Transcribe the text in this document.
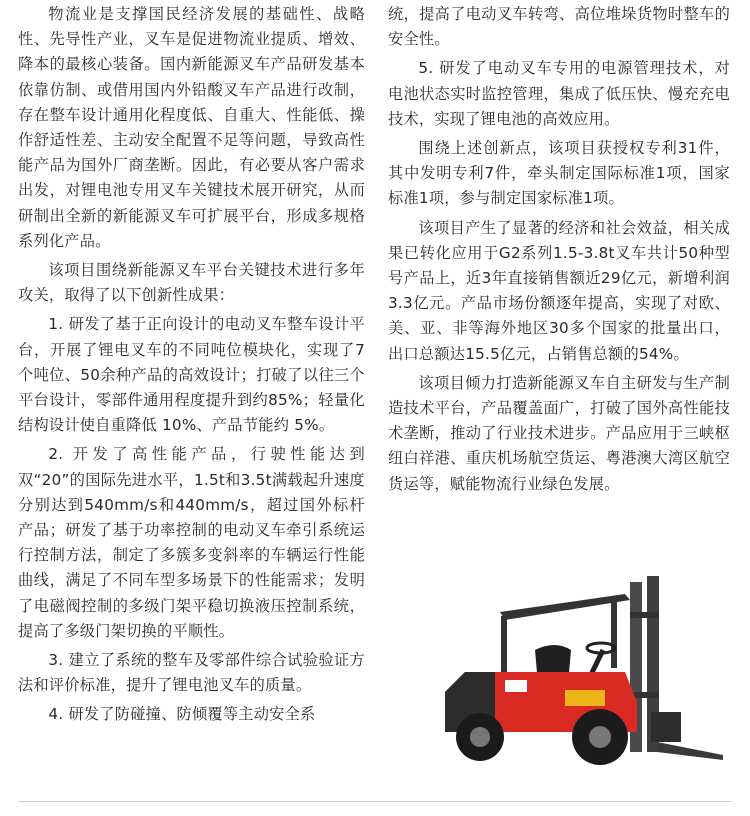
物流业是支撑国民经济发展的基础性、战略性、先导性产业，叉车是促进物流业提质、增效、降本的最核心装备。国内新能源叉车产品研发基本依靠仿制、或借用国内外铅酸叉车产品进行改制，存在整车设计通用化程度低、自重大、性能低、操作舒适性差、主动安全配置不足等问题，导致高性能产品为国外厂商垄断。因此，有必要从客户需求出发，对锂电池专用叉车关键技术展开研究，从而研制出全新的新能源叉车可扩展平台，形成多规格系列化产品。

该项目围绕新能源叉车平台关键技术进行多年攻关，取得了以下创新性成果：

1. 研发了基于正向设计的电动叉车整车设计平台，开展了锂电叉车的不同吨位模块化，实现了7个吨位、50余种产品的高效设计；打破了以往三个平台设计，零部件通用程度提升到约85%；轻量化结构设计使自重降低 10%、产品节能约 5%。

2. 开发了高性能产品，行驶性能达到双“20”的国际先进水平，1.5t和3.5t满载起升速度分别达到540mm/s和440mm/s，超过国外标杆产品；研发了基于功率控制的电动叉车牵引系统运行控制方法，制定了多簇多变斜率的车辆运行性能曲线，满足了不同车型多场景下的性能需求；发明了电磁阀控制的多级门架平稳切换液压控制系统，提高了多级门架切换的平顺性。

3. 建立了系统的整车及零部件综合试验验证方法和评价标准，提升了锂电池叉车的质量。

4. 研发了防碰撞、防倾覆等主动安全系

统，提高了电动叉车转弯、高位堆垛货物时整车的安全性。

5. 研发了电动叉车专用的电源管理技术，对电池状态实时监控管理，集成了低压快、慢充充电技术，实现了锂电池的高效应用。

围绕上述创新点，该项目获授权专利31件，其中发明专利7件，牵头制定国际标准1项，国家标准1项，参与制定国家标准1项。

该项目产生了显著的经济和社会效益，相关成果已转化应用于G2系列1.5-3.8t叉车共计50种型号产品上，近3年直接销售额近29亿元，新增利润3.3亿元。产品市场份额逐年提高，实现了对欧、美、亚、非等海外地区30多个国家的批量出口，出口总额达15.5亿元，占销售总额的54%。

该项目倾力打造新能源叉车自主研发与生产制造技术平台，产品覆盖面广，打破了国外高性能技术垄断，推动了行业技术进步。产品应用于三峡枢纽白祥港、重庆机场航空货运、粤港澳大湾区航空货运等，赋能物流行业绿色发展。
